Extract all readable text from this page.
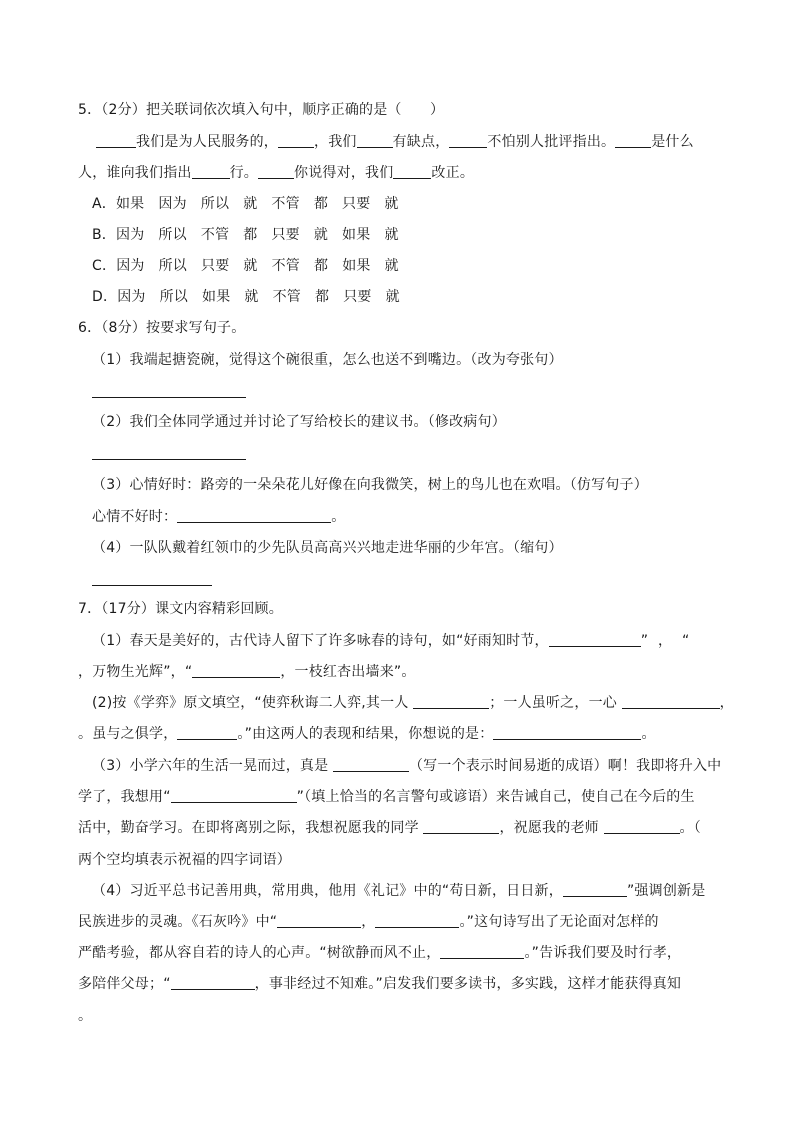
5．（2分）把关联词依次填入句中，顺序正确的是（　　）
我们是为人民服务的，	，我们	有缺点，	不怕别人批评指出。	是什么
人，谁向我们指出	行。	你说得对，我们	改正。
A．如果 因为 所以 就 不管 都 只要 就
B．因为 所以 不管 都 只要 就 如果 就
C．因为 所以 只要 就 不管 都 如果 就
D．因为 所以 如果 就 不管 都 只要 就
6．（8分）按要求写句子。
（1）我端起搪瓷碗，觉得这个碗很重，怎么也送不到嘴边。（改为夸张句）
（2）我们全体同学通过并讨论了写给校长的建议书。（修改病句）
（3）心情好时：路旁的一朵朵花儿好像在向我微笑，树上的鸟儿也在欢唱。（仿写句子）
心情不好时：	。
（4）一队队戴着红领巾的少先队员高高兴兴地走进华丽的少年宫。（缩句）
7．（17分）课文内容精彩回顾。
（1）春天是美好的，古代诗人留下了许多咏春的诗句，如“好雨知时节，	”，“
，万物生光辉”，“	，一枝红杏出墙来”。
(2)按《学弈》原文填空，“使弈秋诲二人弈,其一人	；一人虽听之，一心	，
。虽与之俱学，	。”由这两人的表现和结果，你想说的是：	。
（3）小学六年的生活一晃而过，真是	（写一个表示时间易逝的成语）啊！我即将升入中
学了，我想用“	”（填上恰当的名言警句或谚语）来告诫自己，使自己在今后的生
活中，勤奋学习。在即将离别之际，我想祝愿我的同学	，祝愿我的老师	。（
两个空均填表示祝福的四字词语）
（4）习近平总书记善用典，常用典，他用《礼记》中的“苟日新，日日新，	”强调创新是
民族进步的灵魂。《石灰吟》中“	，	。”这句诗写出了无论面对怎样的
严酷考验，都从容自若的诗人的心声。“树欲静而风不止，	。”告诉我们要及时行孝，
多陪伴父母；“	，事非经过不知难。”启发我们要多读书，多实践，这样才能获得真知
。
